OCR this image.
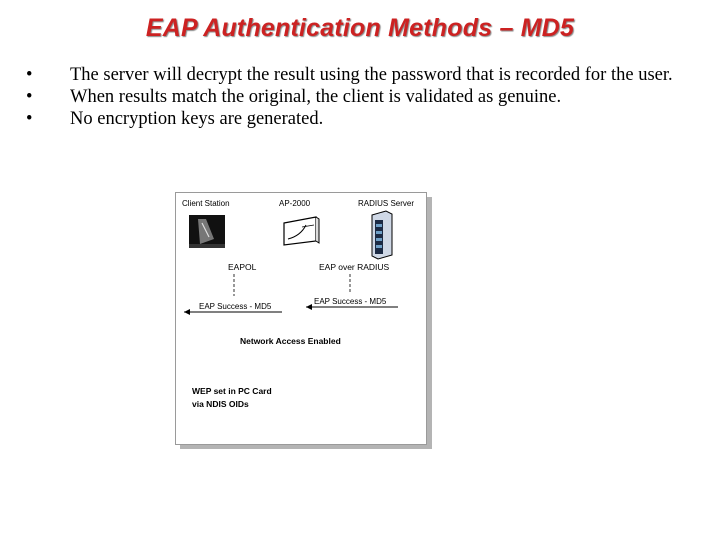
EAP Authentication Methods – MD5
•	The server will decrypt the result using the password that is recorded for the user.
•	When results match the original, the client is validated as genuine.
•	No encryption keys are generated.
Client Station	AP-2000	RADIUS Server
EAPOL	EAP over RADIUS
EAP Success - MD5
EAP Success - MD5
Network Access Enabled
WEP set in PC Card
via NDIS OIDs
